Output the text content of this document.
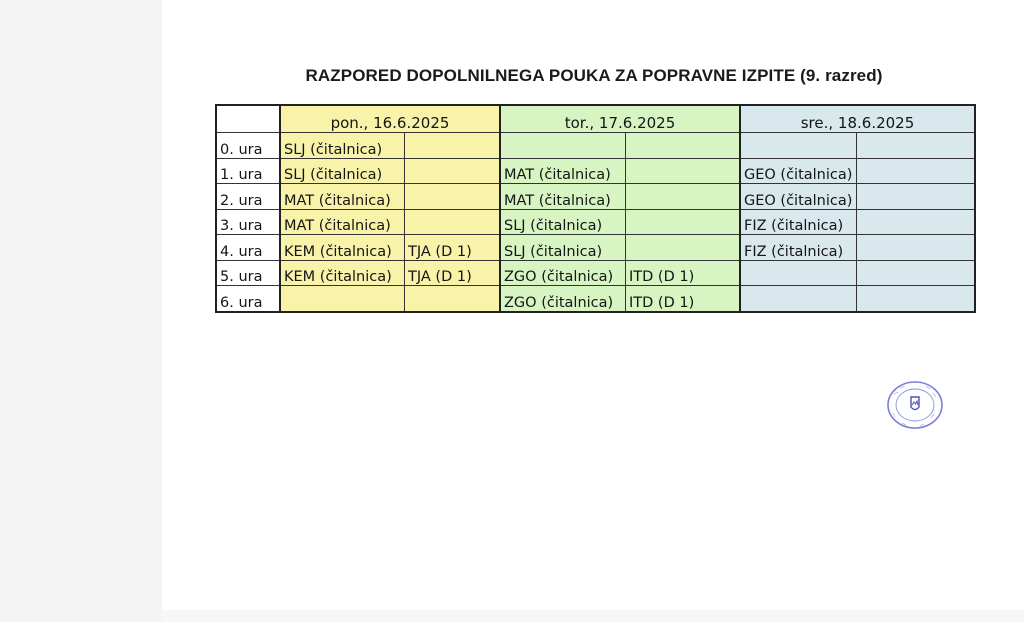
RAZPORED DOPOLNILNEGA POUKA ZA POPRAVNE IZPITE (9. razred)
	pon., 16.6.2025		tor., 17.6.2025		sre., 18.6.2025	
0. ura	SLJ (čitalnica)					
1. ura	SLJ (čitalnica)		MAT (čitalnica)		GEO (čitalnica)	
2. ura	MAT (čitalnica)		MAT (čitalnica)		GEO (čitalnica)	
3. ura	MAT (čitalnica)		SLJ (čitalnica)		FIZ (čitalnica)	
4. ura	KEM (čitalnica)	TJA (D 1)	SLJ (čitalnica)		FIZ (čitalnica)	
5. ura	KEM (čitalnica)	TJA (D 1)	ZGO (čitalnica)	ITD (D 1)		
6. ura			ZGO (čitalnica)	ITD (D 1)		
